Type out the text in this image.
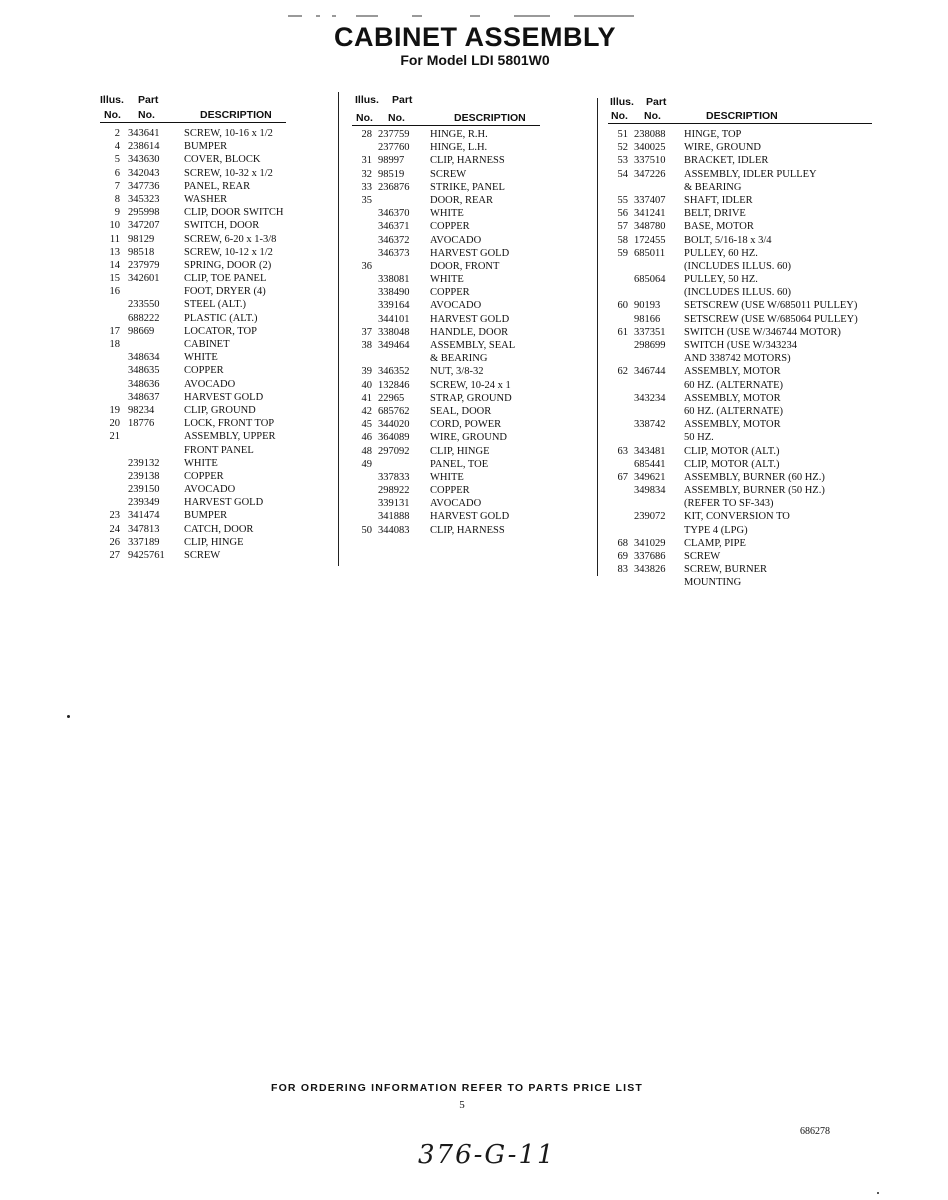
CABINET ASSEMBLY
For Model LDI 5801W0
Illus. Part
No. No.	DESCRIPTION
2 343641 SCREW, 10-16 x 1/2
4 238614 BUMPER
5 343630 COVER, BLOCK
6 342043 SCREW, 10-32 x 1/2
7 347736 PANEL, REAR
8 345323 WASHER
9 295998 CLIP, DOOR SWITCH
10 347207 SWITCH, DOOR
11 98129	SCREW, 6-20 x 1-3/8
13 98518	SCREW, 10-12 x 1/2
14 237979 SPRING, DOOR (2)
15 342601 CLIP, TOE PANEL
16	FOOT, DRYER (4)
233550 STEEL (ALT.)
688222 PLASTIC (ALT.)
17 98669	LOCATOR, TOP
18	CABINET
348634 WHITE
348635 COPPER
348636 AVOCADO
348637 HARVEST GOLD
19 98234	CLIP, GROUND
20 18776	LOCK, FRONT TOP
21	ASSEMBLY, UPPER
FRONT PANEL
239132 WHITE
239138 COPPER
239150 AVOCADO
239349 HARVEST GOLD
23 341474 BUMPER
24 347813 CATCH, DOOR
26 337189 CLIP, HINGE
27 9425761 SCREW
Illus. Part
No. No.	DESCRIPTION
28 237759 HINGE, R.H.
237760 HINGE, L.H.
31 98997 CLIP, HARNESS
32 98519 SCREW
33 236876 STRIKE, PANEL
35	DOOR, REAR
346370 WHITE
346371 COPPER
346372 AVOCADO
346373 HARVEST GOLD
36	DOOR, FRONT
338081 WHITE
338490 COPPER
339164 AVOCADO
344101 HARVEST GOLD
37 338048 HANDLE, DOOR
38 349464 ASSEMBLY, SEAL
& BEARING
39 346352 NUT, 3/8-32
40 132846 SCREW, 10-24 x 1
41 22965 STRAP, GROUND
42 685762 SEAL, DOOR
45 344020 CORD, POWER
46 364089 WIRE, GROUND
48 297092 CLIP, HINGE
49	PANEL, TOE
337833 WHITE
298922 COPPER
339131 AVOCADO
341888 HARVEST GOLD
50 344083 CLIP, HARNESS
Illus. Part
No. No.	DESCRIPTION
51 238088 HINGE, TOP
52 340025 WIRE, GROUND
53 337510 BRACKET, IDLER
54 347226 ASSEMBLY, IDLER PULLEY
& BEARING
55 337407 SHAFT, IDLER
56 341241 BELT, DRIVE
57 348780 BASE, MOTOR
58 172455 BOLT, 5/16-18 x 3/4
59 685011 PULLEY, 60 HZ.
(INCLUDES ILLUS. 60)
685064 PULLEY, 50 HZ.
(INCLUDES ILLUS. 60)
60 90193 SETSCREW (USE W/685011 PULLEY)
98166 SETSCREW (USE W/685064 PULLEY)
61 337351 SWITCH (USE W/346744 MOTOR)
298699 SWITCH (USE W/343234
AND 338742 MOTORS)
62 346744 ASSEMBLY, MOTOR
60 HZ. (ALTERNATE)
343234 ASSEMBLY, MOTOR
60 HZ. (ALTERNATE)
338742 ASSEMBLY, MOTOR
50 HZ.
63 343481 CLIP, MOTOR (ALT.)
685441 CLIP, MOTOR (ALT.)
67 349621 ASSEMBLY, BURNER (60 HZ.)
349834 ASSEMBLY, BURNER (50 HZ.)
(REFER TO SF-343)
239072 KIT, CONVERSION TO
TYPE 4 (LPG)
68 341029 CLAMP, PIPE
69 337686 SCREW
83 343826 SCREW, BURNER
MOUNTING
FOR ORDERING INFORMATION REFER TO PARTS PRICE LIST
5
686278
376-G-11
